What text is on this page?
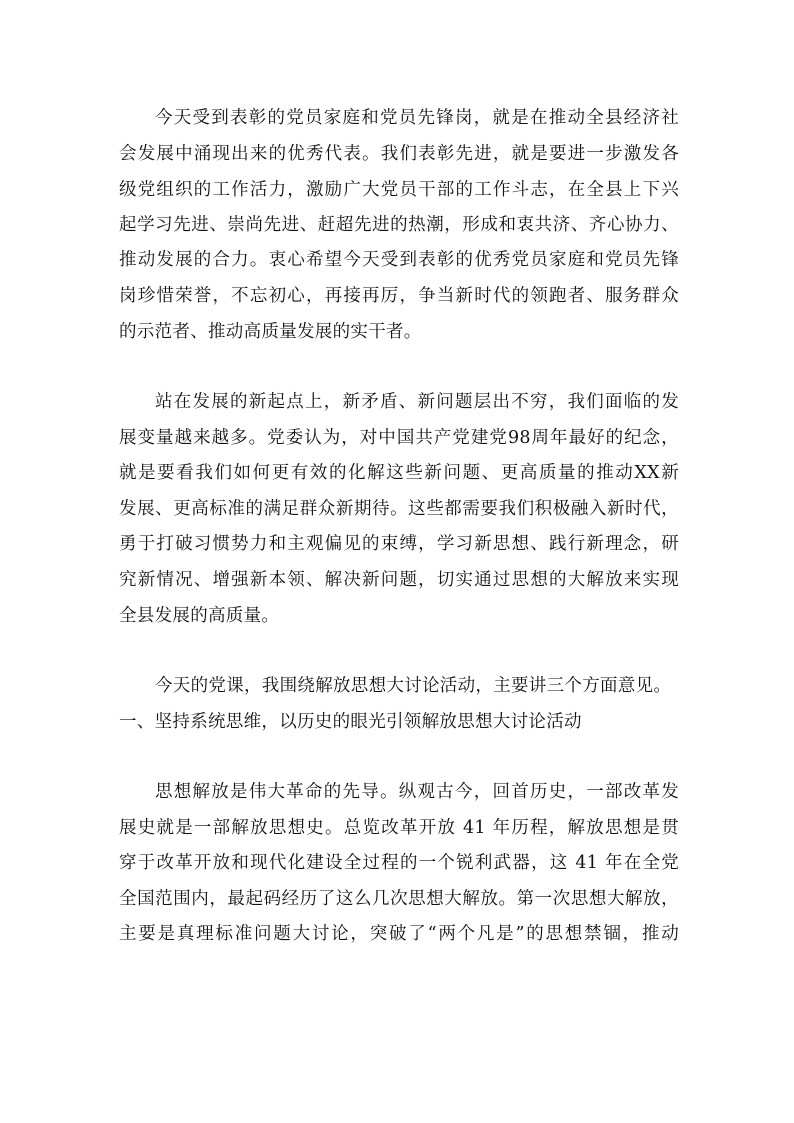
今天受到表彰的党员家庭和党员先锋岗，就是在推动全县经济社
会发展中涌现出来的优秀代表。我们表彰先进，就是要进一步激发各
级党组织的工作活力，激励广大党员干部的工作斗志，在全县上下兴
起学习先进、崇尚先进、赶超先进的热潮，形成和衷共济、齐心协力、
推动发展的合力。衷心希望今天受到表彰的优秀党员家庭和党员先锋
岗珍惜荣誉，不忘初心，再接再厉，争当新时代的领跑者、服务群众
的示范者、推动高质量发展的实干者。
站在发展的新起点上，新矛盾、新问题层出不穷，我们面临的发
展变量越来越多。党委认为，对中国共产党建党98周年最好的纪念，
就是要看我们如何更有效的化解这些新问题、更高质量的推动XX新
发展、更高标准的满足群众新期待。这些都需要我们积极融入新时代，
勇于打破习惯势力和主观偏见的束缚，学习新思想、践行新理念，研
究新情况、增强新本领、解决新问题，切实通过思想的大解放来实现
全县发展的高质量。
今天的党课，我围绕解放思想大讨论活动，主要讲三个方面意见。
一、坚持系统思维，以历史的眼光引领解放思想大讨论活动
思想解放是伟大革命的先导。纵观古今，回首历史，一部改革发
展史就是一部解放思想史。总览改革开放 41 年历程，解放思想是贯
穿于改革开放和现代化建设全过程的一个锐利武器，这 41 年在全党
全国范围内，最起码经历了这么几次思想大解放。第一次思想大解放，
主要是真理标准问题大讨论，突破了“两个凡是”的思想禁锢，推动
